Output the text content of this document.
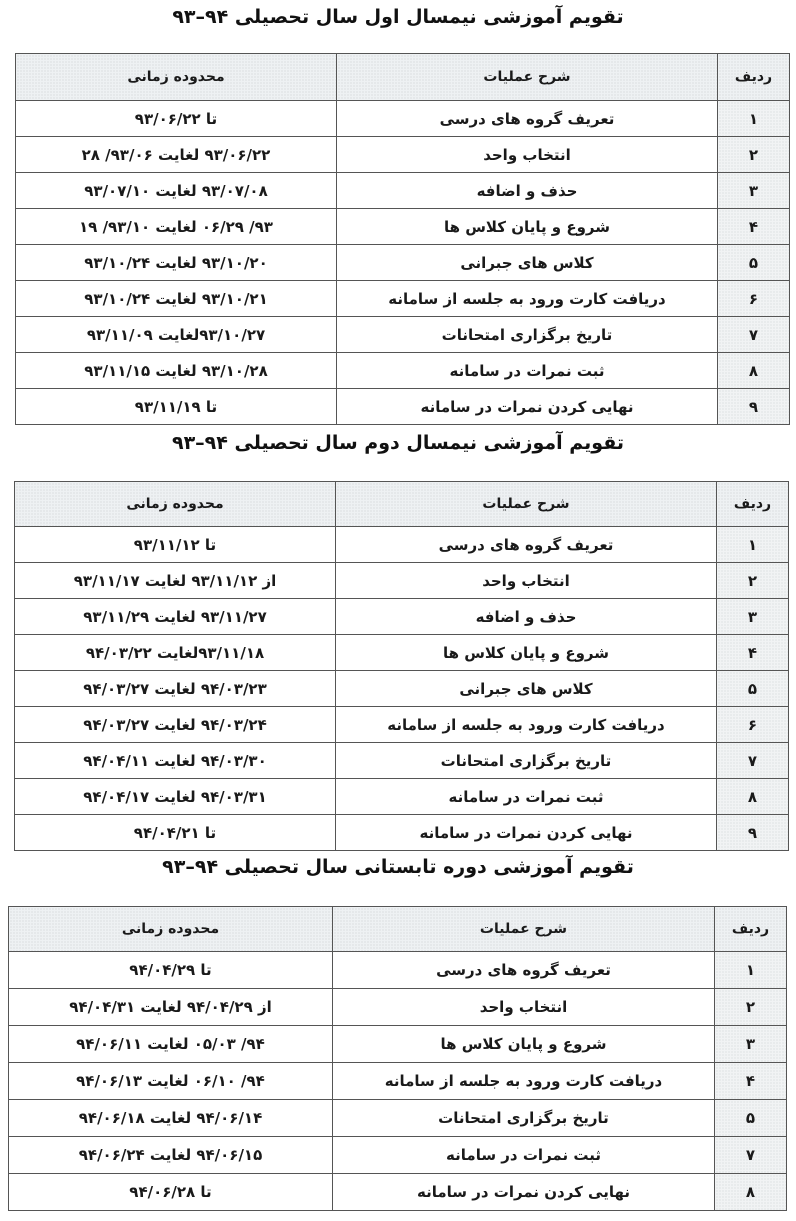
تقویم آموزشی نیمسال اول سال تحصیلی ۹۴–۹۳
ردیف	شرح عملیات	محدوده زمانی
۱	تعریف گروه های درسی	تا ۹۳/۰۶/۲۲
۲	انتخاب واحد	۹۳/۰۶/۲۲ لغایت ۹۳/۰۶/ ۲۸
۳	حذف و اضافه	۹۳/۰۷/۰۸ لغایت ۹۳/۰۷/۱۰
۴	شروع و پایان کلاس ها	۹۳/ ۰۶/۲۹ لغایت ۹۳/۱۰/ ۱۹
۵	کلاس های جبرانی	۹۳/۱۰/۲۰ لغایت ۹۳/۱۰/۲۴
۶	دریافت کارت ورود به جلسه از سامانه	۹۳/۱۰/۲۱ لغایت ۹۳/۱۰/۲۴
۷	تاریخ برگزاری امتحانات	۹۳/۱۰/۲۷لغایت ۹۳/۱۱/۰۹
۸	ثبت نمرات در سامانه	۹۳/۱۰/۲۸ لغایت ۹۳/۱۱/۱۵
۹	نهایی کردن نمرات در سامانه	تا ۹۳/۱۱/۱۹
تقویم آموزشی نیمسال دوم سال تحصیلی ۹۴–۹۳
ردیف	شرح عملیات	محدوده زمانی
۱	تعریف گروه های درسی	تا ۹۳/۱۱/۱۲
۲	انتخاب واحد	از ۹۳/۱۱/۱۲ لغایت ۹۳/۱۱/۱۷
۳	حذف و اضافه	۹۳/۱۱/۲۷ لغایت ۹۳/۱۱/۲۹
۴	شروع و پایان کلاس ها	۹۳/۱۱/۱۸لغایت ۹۴/۰۳/۲۲
۵	کلاس های جبرانی	۹۴/۰۳/۲۳ لغایت ۹۴/۰۳/۲۷
۶	دریافت کارت ورود به جلسه از سامانه	۹۴/۰۳/۲۴ لغایت ۹۴/۰۳/۲۷
۷	تاریخ برگزاری امتحانات	۹۴/۰۳/۳۰ لغایت ۹۴/۰۴/۱۱
۸	ثبت نمرات در سامانه	۹۴/۰۳/۳۱ لغایت ۹۴/۰۴/۱۷
۹	نهایی کردن نمرات در سامانه	تا ۹۴/۰۴/۲۱
تقویم آموزشی دوره تابستانی سال تحصیلی ۹۴–۹۳
ردیف	شرح عملیات	محدوده زمانی
۱	تعریف گروه های درسی	تا ۹۴/۰۴/۲۹
۲	انتخاب واحد	از ۹۴/۰۴/۲۹ لغایت ۹۴/۰۴/۳۱
۳	شروع و پایان کلاس ها	۹۴/ ۰۵/۰۳ لغایت ۹۴/۰۶/۱۱
۴	دریافت کارت ورود به جلسه از سامانه	۹۴/ ۰۶/۱۰ لغایت ۹۴/۰۶/۱۳
۵	تاریخ برگزاری امتحانات	۹۴/۰۶/۱۴ لغایت ۹۴/۰۶/۱۸
۷	ثبت نمرات در سامانه	۹۴/۰۶/۱۵ لغایت ۹۴/۰۶/۲۴
۸	نهایی کردن نمرات در سامانه	تا ۹۴/۰۶/۲۸
